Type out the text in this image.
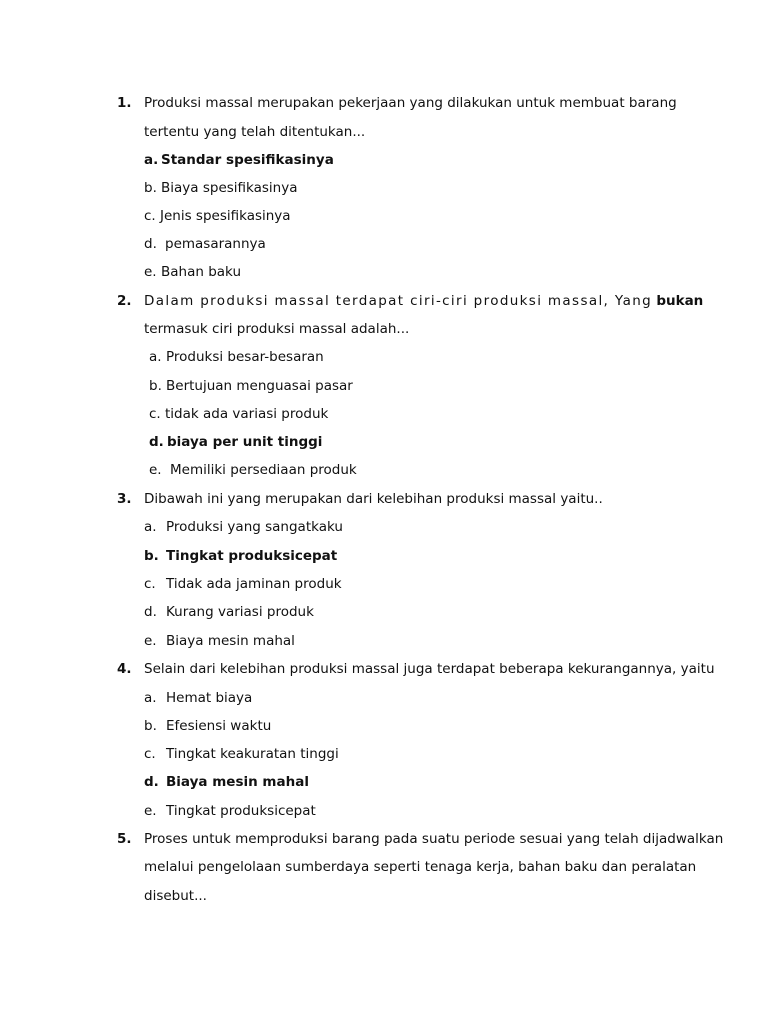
1. Produksi massal merupakan pekerjaan yang dilakukan untuk membuat barang
tertentu yang telah ditentukan...
a. Standar spesifikasinya
b. Biaya spesifikasinya
c. Jenis spesifikasinya
d. pemasarannya
e. Bahan baku
2. Dalam produksi massal terdapat ciri-ciri produksi massal, Yang bukan
termasuk ciri produksi massal adalah...
a. Produksi besar-besaran
b. Bertujuan menguasai pasar
c. tidak ada variasi produk
d. biaya per unit tinggi
e. Memiliki persediaan produk
3. Dibawah ini yang merupakan dari kelebihan produksi massal yaitu..
a. Produksi yang sangatkaku
b. Tingkat produksicepat
c. Tidak ada jaminan produk
d. Kurang variasi produk
e. Biaya mesin mahal
4. Selain dari kelebihan produksi massal juga terdapat beberapa kekurangannya, yaitu
a. Hemat biaya
b. Efesiensi waktu
c. Tingkat keakuratan tinggi
d. Biaya mesin mahal
e. Tingkat produksicepat
5. Proses untuk memproduksi barang pada suatu periode sesuai yang telah dijadwalkan
melalui pengelolaan sumberdaya seperti tenaga kerja, bahan baku dan peralatan
disebut...
